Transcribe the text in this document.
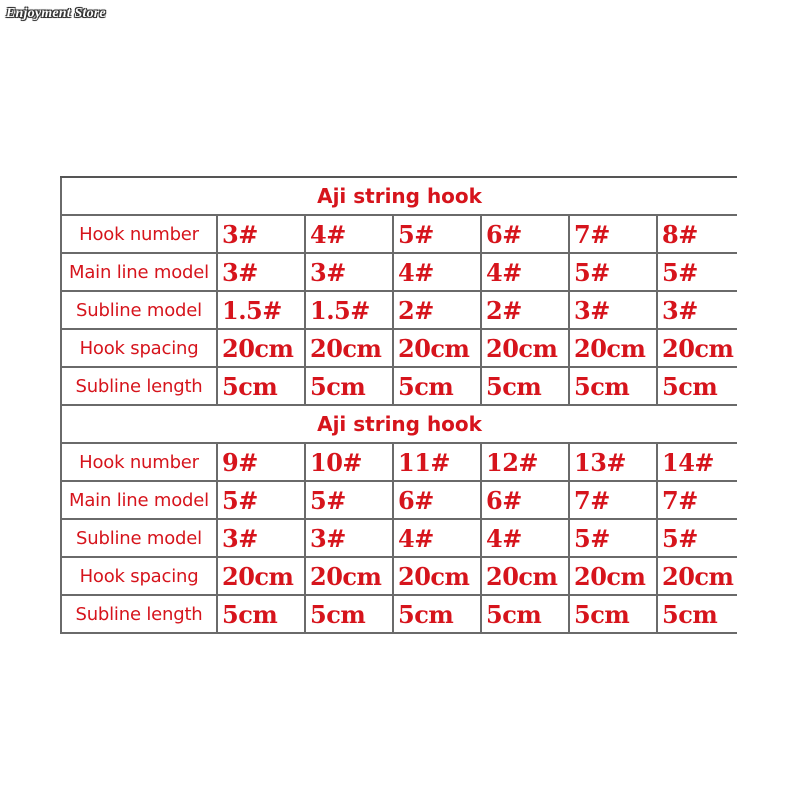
Enjoyment Store
Aji string hook						
Hook number	3#	4#	5#	6#	7#	8#
Main line model	3#	3#	4#	4#	5#	5#
Subline model	1.5#	1.5#	2#	2#	3#	3#
Hook spacing	20cm	20cm	20cm	20cm	20cm	20cm
Subline length	5cm	5cm	5cm	5cm	5cm	5cm
Aji string hook						
Hook number	9#	10#	11#	12#	13#	14#
Main line model	5#	5#	6#	6#	7#	7#
Subline model	3#	3#	4#	4#	5#	5#
Hook spacing	20cm	20cm	20cm	20cm	20cm	20cm
Subline length	5cm	5cm	5cm	5cm	5cm	5cm
